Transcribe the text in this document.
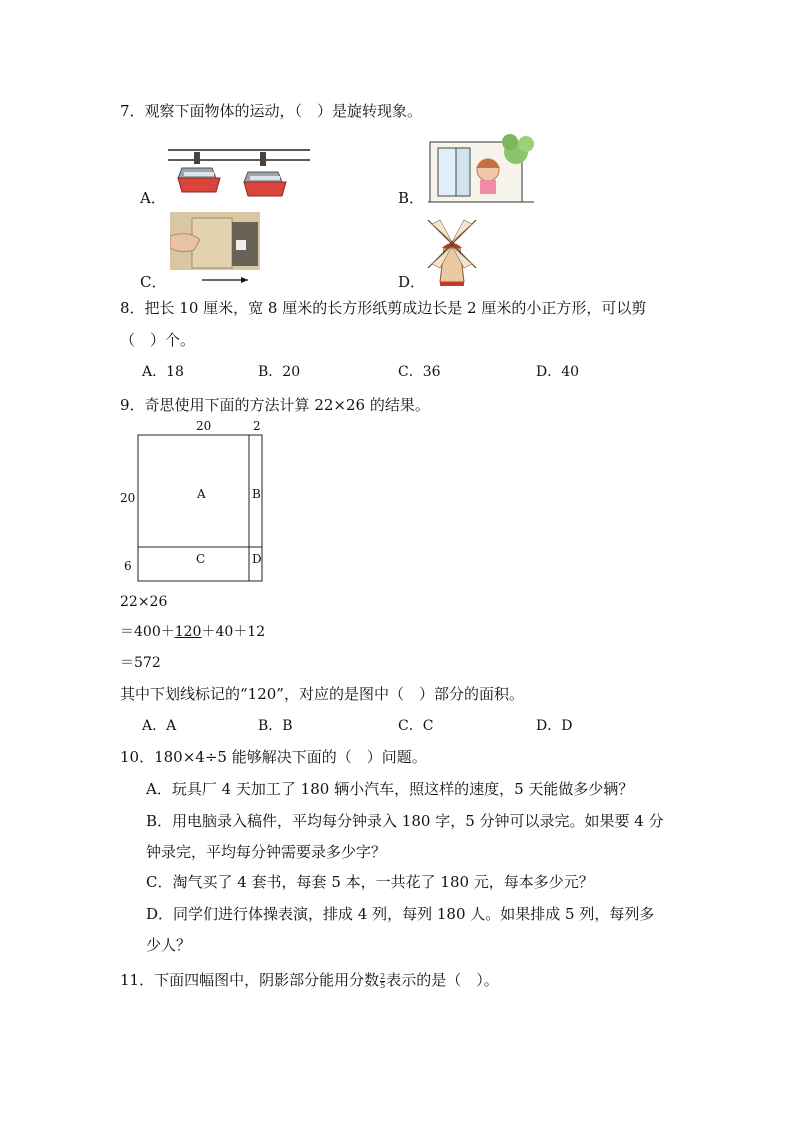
7．观察下面物体的运动，（　）是旋转现象。
A．	B．
C．	D．
8．把长 10 厘米，宽 8 厘米的长方形纸剪成边长是 2 厘米的小正方形，可以剪
（　）个。
A．18	B．20	C．36	D．40
9．奇思使用下面的方法计算 22×26 的结果。
20	2
20
6
A	B
C	D
22×26
＝400＋120＋40＋12
＝572
其中下划线标记的“120”，对应的是图中（　）部分的面积。
A．A	B．B	C．C	D．D
10．180×4÷5 能够解决下面的（　）问题。
A．玩具厂 4 天加工了 180 辆小汽车，照这样的速度，5 天能做多少辆？
B．用电脑录入稿件，平均每分钟录入 180 字，5 分钟可以录完。如果要 4 分
钟录完，平均每分钟需要录多少字？
C．淘气买了 4 套书，每套 5 本，一共花了 180 元，每本多少元？
D．同学们进行体操表演，排成 4 列，每列 180 人。如果排成 5 列，每列多
少人？
11．下面四幅图中，阴影部分能用分数 $\frac{2}{5}$ 表示的是（　）。
